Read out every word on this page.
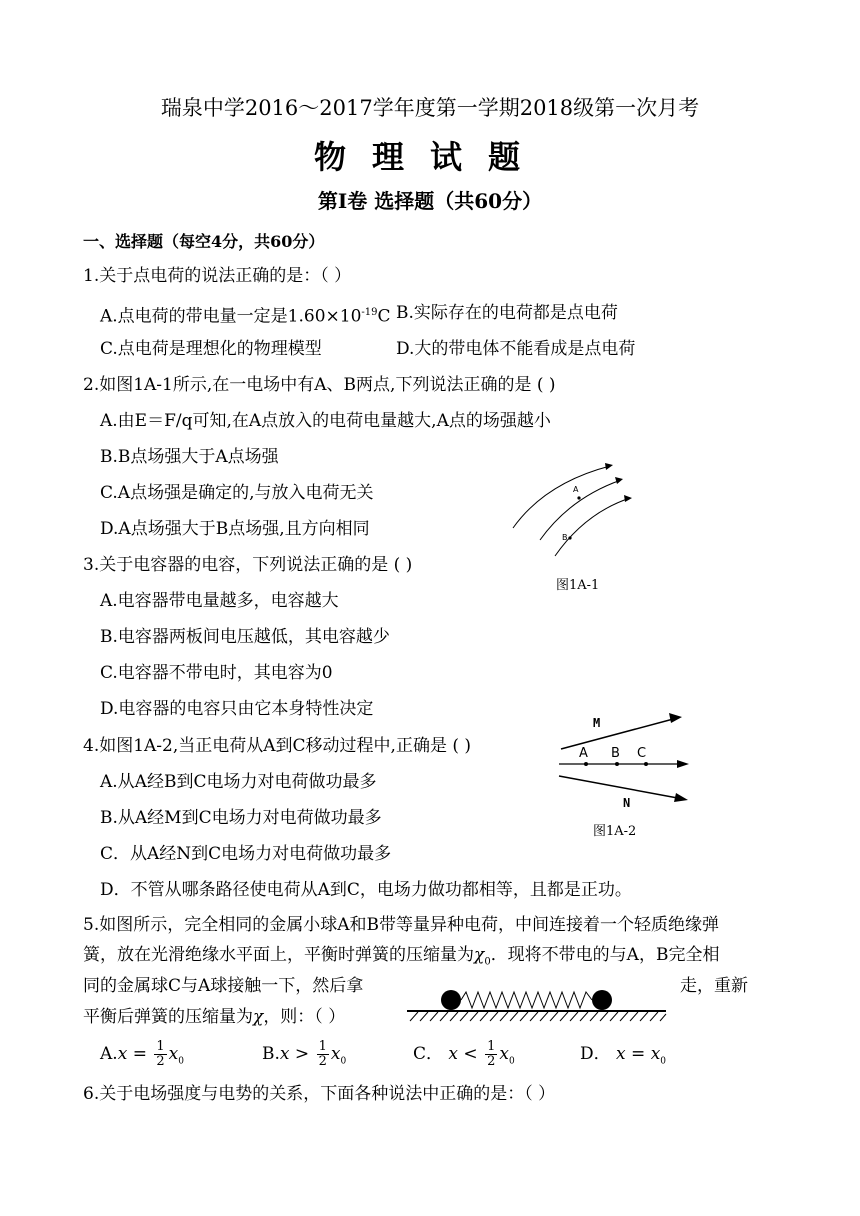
瑞泉中学2016～2017学年度第一学期2018级第一次月考
物理试题
第Ⅰ卷 选择题（共60分）
一、选择题（每空4分，共60分）
1.关于点电荷的说法正确的是：（ ）
A.点电荷的带电量一定是$1.60\times 10^{-19}C$ B.实际存在的电荷都是点电荷
C.点电荷是理想化的物理模型	D.大的带电体不能看成是点电荷
2.如图1A-1所示,在一电场中有A、B两点,下列说法正确的是 ( )
A.由E＝F/q可知,在A点放入的电荷电量越大,A点的场强越小
B.B点场强大于A点场强
C.A点场强是确定的,与放入电荷无关
D.A点场强大于B点场强,且方向相同
A
B
图1A-1
3.关于电容器的电容，下列说法正确的是 ( )
A.电容器带电量越多，电容越大
B.电容器两板间电压越低，其电容越少
C.电容器不带电时，其电容为0
D.电容器的电容只由它本身特性决定
4.如图1A-2,当正电荷从A到C移动过程中,正确是 ( )
A.从A经B到C电场力对电荷做功最多
B.从A经M到C电场力对电荷做功最多
C．从A经N到C电场力对电荷做功最多
D．不管从哪条路径使电荷从A到C，电场力做功都相等，且都是正功。
M
A B C
N
图1A-2
5.如图所示，完全相同的金属小球A和B带等量异种电荷，中间连接着一个轻质绝缘弹
簧，放在光滑绝缘水平面上，平衡时弹簧的压缩量为$\chi_0$．现将不带电的与A，B完全相
同的金属球C与A球接触一下，然后拿	走，重新
平衡后弹簧的压缩量为χ，则：（ ）
$A.x = \frac{1}{2} x_0$	$B.x > \frac{1}{2} x_0$	C． $x < \frac{1}{2} x_0$	D． $x = x_0$
6.关于电场强度与电势的关系，下面各种说法中正确的是：（ ）
